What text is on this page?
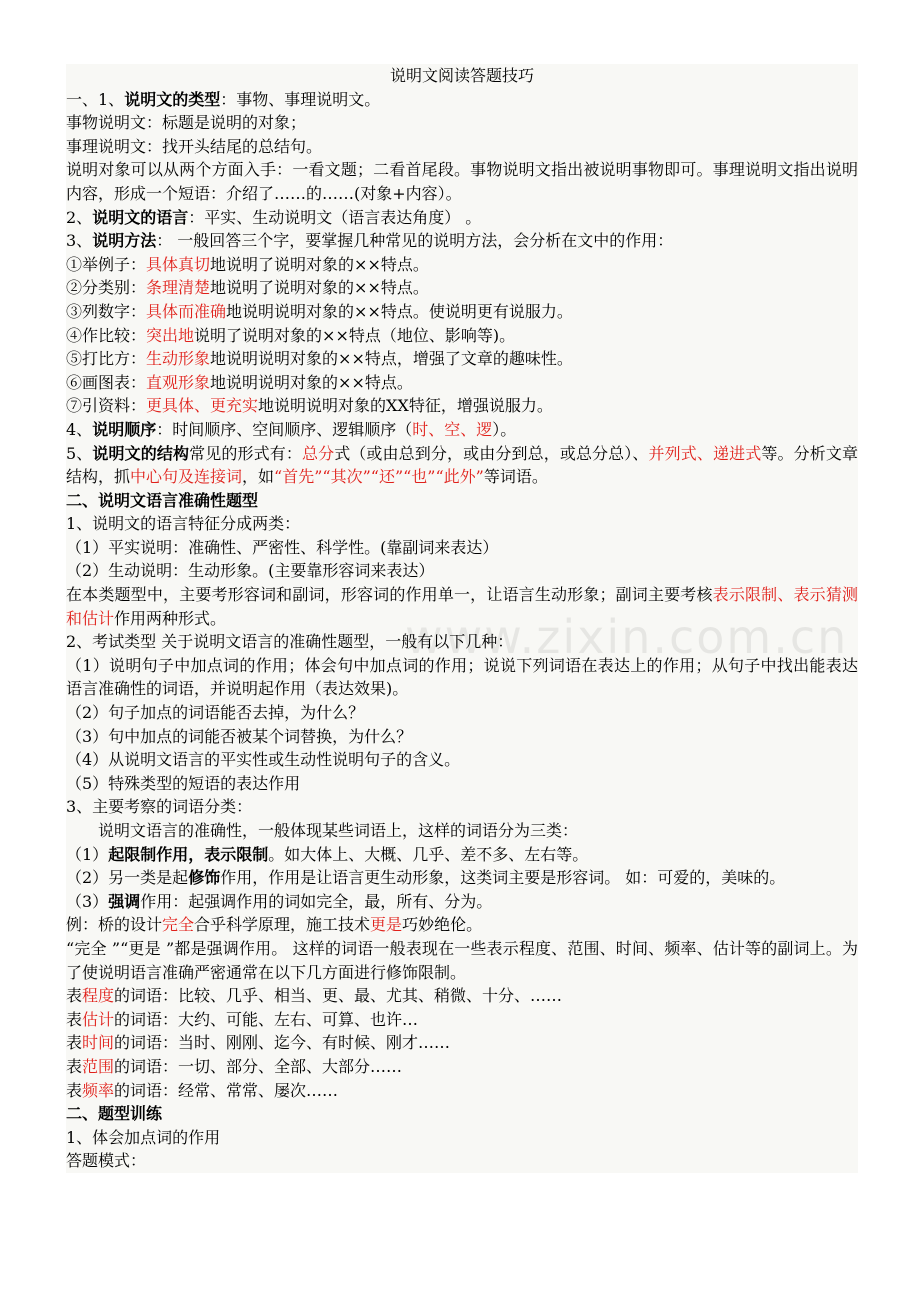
说明文阅读答题技巧
一、1、说明文的类型：事物、事理说明文。
事物说明文：标题是说明的对象；
事理说明文：找开头结尾的总结句。
说明对象可以从两个方面入手：一看文题；二看首尾段。事物说明文指出被说明事物即可。事理说明文指出说明内容，形成一个短语：介绍了……的……(对象+内容）。
2、说明文的语言：平实、生动说明文（语言表达角度） 。
3、说明方法： 一般回答三个字，要掌握几种常见的说明方法，会分析在文中的作用：
①举例子：具体真切地说明了说明对象的××特点。
②分类别：条理清楚地说明了说明对象的××特点。
③列数字：具体而准确地说明说明对象的××特点。使说明更有说服力。
④作比较：突出地说明了说明对象的××特点（地位、影响等)。
⑤打比方：生动形象地说明说明对象的××特点，增强了文章的趣味性。
⑥画图表：直观形象地说明说明对象的××特点。
⑦引资料：更具体、更充实地说明说明对象的XX特征，增强说服力。
4、说明顺序：时间顺序、空间顺序、逻辑顺序（时、空、逻）。
5、说明文的结构常见的形式有：总分式（或由总到分，或由分到总，或总分总）、并列式、递进式等。分析文章结构，抓中心句及连接词，如“首先”“其次”“还”“也”“此外”等词语。
二、说明文语言准确性题型
1、说明文的语言特征分成两类：
（1）平实说明：准确性、严密性、科学性。(靠副词来表达）
（2）生动说明：生动形象。(主要靠形容词来表达）
在本类题型中，主要考形容词和副词，形容词的作用单一，让语言生动形象；副词主要考核表示限制、表示猜测和估计作用两种形式。
2、考试类型 关于说明文语言的准确性题型，一般有以下几种：
（1）说明句子中加点词的作用；体会句中加点词的作用；说说下列词语在表达上的作用；从句子中找出能表达语言准确性的词语，并说明起作用（表达效果)。
（2）句子加点的词语能否去掉，为什么？
（3）句中加点的词能否被某个词替换，为什么？
（4）从说明文语言的平实性或生动性说明句子的含义。
（5）特殊类型的短语的表达作用
3、主要考察的词语分类：
说明文语言的准确性，一般体现某些词语上，这样的词语分为三类：
（1）起限制作用，表示限制。如大体上、大概、几乎、差不多、左右等。
（2）另一类是起修饰作用，作用是让语言更生动形象，这类词主要是形容词。 如：可爱的，美味的。
（3）强调作用：起强调作用的词如完全，最，所有、分为。
例：桥的设计完全合乎科学原理，施工技术更是巧妙绝伦。
“完全 ”“更是 ”都是强调作用。 这样的词语一般表现在一些表示程度、范围、时间、频率、估计等的副词上。为了使说明语言准确严密通常在以下几方面进行修饰限制。
表程度的词语：比较、几乎、相当、更、最、尤其、稍微、十分、……
表估计的词语：大约、可能、左右、可算、也许…
表时间的词语：当时、刚刚、迄今、有时候、刚才……
表范围的词语：一切、部分、全部、大部分……
表频率的词语：经常、常常、屡次……
二、题型训练
1、体会加点词的作用
答题模式：
